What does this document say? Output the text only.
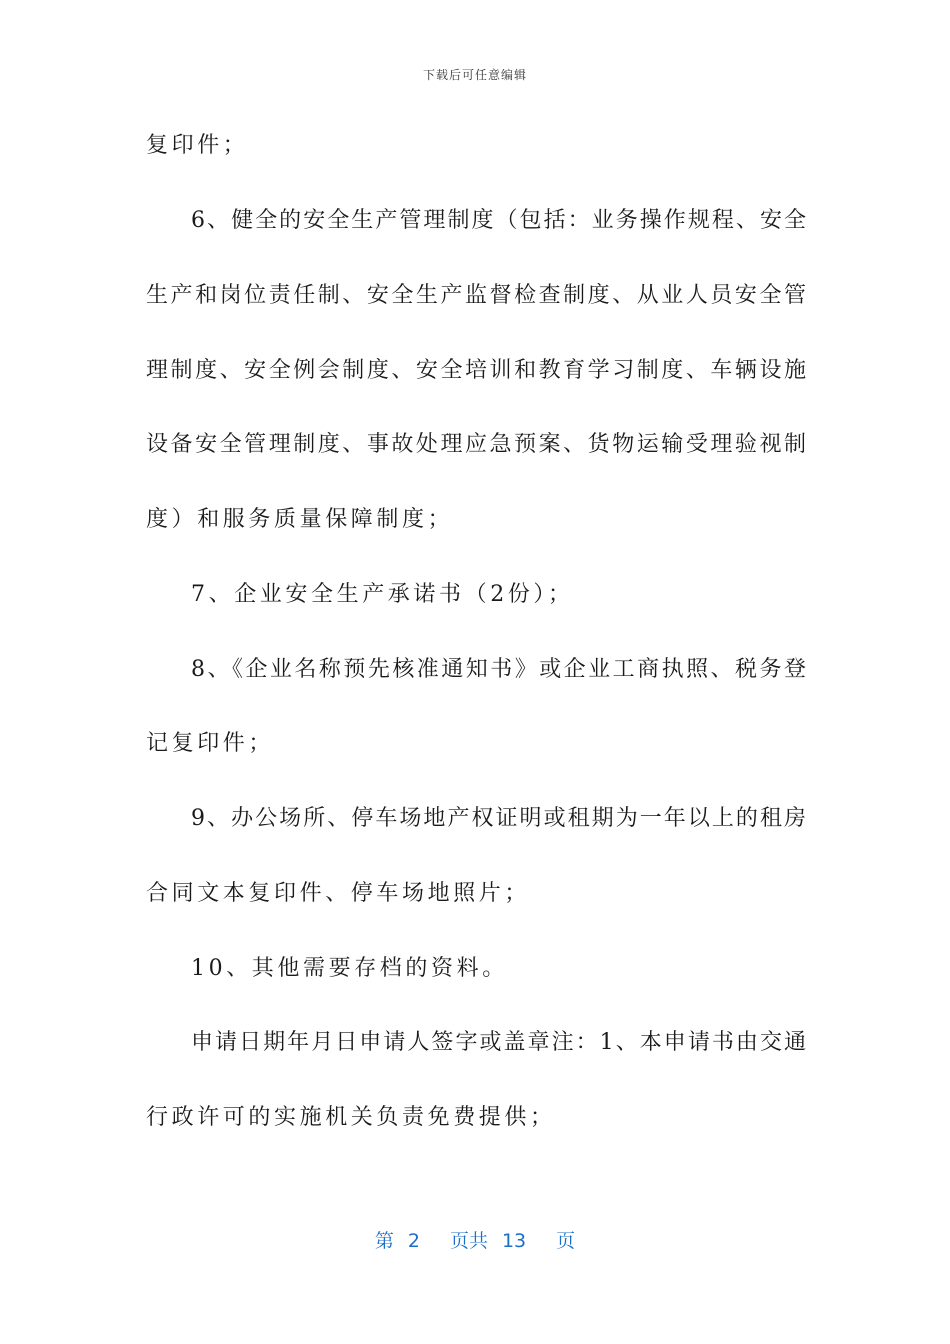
下载后可任意编辑
复印件；
6、健全的安全生产管理制度（包括：业务操作规程、安全
生产和岗位责任制、安全生产监督检查制度、从业人员安全管
理制度、安全例会制度、安全培训和教育学习制度、车辆设施
设备安全管理制度、事故处理应急预案、货物运输受理验视制
度）和服务质量保障制度；
7、企业安全生产承诺书（2份）；
8、《企业名称预先核准通知书》或企业工商执照、税务登
记复印件；
9、办公场所、停车场地产权证明或租期为一年以上的租房
合同文本复印件、停车场地照片；
10、其他需要存档的资料。
申请日期年月日申请人签字或盖章注：1、本申请书由交通
行政许可的实施机关负责免费提供；
第 2 页共 13 页
